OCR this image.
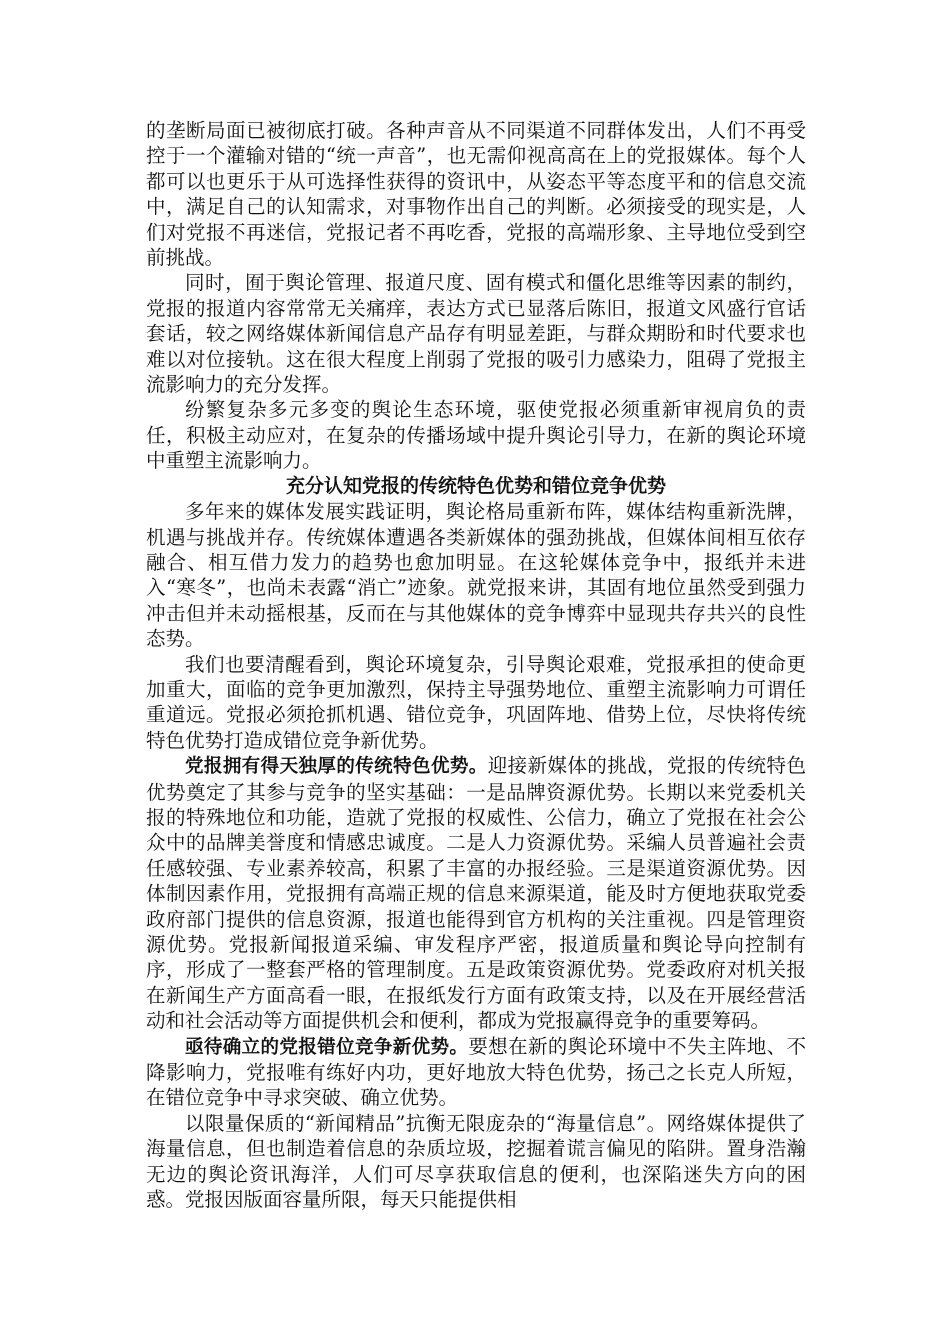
的垄断局面已被彻底打破。各种声音从不同渠道不同群体发出，人们不再受控于一个灌输对错的“统一声音”，也无需仰视高高在上的党报媒体。每个人都可以也更乐于从可选择性获得的资讯中，从姿态平等态度平和的信息交流中，满足自己的认知需求，对事物作出自己的判断。必须接受的现实是，人们对党报不再迷信，党报记者不再吃香，党报的高端形象、主导地位受到空前挑战。

同时，囿于舆论管理、报道尺度、固有模式和僵化思维等因素的制约，党报的报道内容常常无关痛痒，表达方式已显落后陈旧，报道文风盛行官话套话，较之网络媒体新闻信息产品存有明显差距，与群众期盼和时代要求也难以对位接轨。这在很大程度上削弱了党报的吸引力感染力，阻碍了党报主流影响力的充分发挥。

纷繁复杂多元多变的舆论生态环境，驱使党报必须重新审视肩负的责任，积极主动应对，在复杂的传播场域中提升舆论引导力，在新的舆论环境中重塑主流影响力。

充分认知党报的传统特色优势和错位竞争优势

多年来的媒体发展实践证明，舆论格局重新布阵，媒体结构重新洗牌，机遇与挑战并存。传统媒体遭遇各类新媒体的强劲挑战，但媒体间相互依存融合、相互借力发力的趋势也愈加明显。在这轮媒体竞争中，报纸并未进入“寒冬”，也尚未表露“消亡”迹象。就党报来讲，其固有地位虽然受到强力冲击但并未动摇根基，反而在与其他媒体的竞争博弈中显现共存共兴的良性态势。

我们也要清醒看到，舆论环境复杂，引导舆论艰难，党报承担的使命更加重大，面临的竞争更加激烈，保持主导强势地位、重塑主流影响力可谓任重道远。党报必须抢抓机遇、错位竞争，巩固阵地、借势上位，尽快将传统特色优势打造成错位竞争新优势。

党报拥有得天独厚的传统特色优势。迎接新媒体的挑战，党报的传统特色优势奠定了其参与竞争的坚实基础：一是品牌资源优势。长期以来党委机关报的特殊地位和功能，造就了党报的权威性、公信力，确立了党报在社会公众中的品牌美誉度和情感忠诚度。二是人力资源优势。采编人员普遍社会责任感较强、专业素养较高，积累了丰富的办报经验。三是渠道资源优势。因体制因素作用，党报拥有高端正规的信息来源渠道，能及时方便地获取党委政府部门提供的信息资源，报道也能得到官方机构的关注重视。四是管理资源优势。党报新闻报道采编、审发程序严密，报道质量和舆论导向控制有序，形成了一整套严格的管理制度。五是政策资源优势。党委政府对机关报在新闻生产方面高看一眼，在报纸发行方面有政策支持，以及在开展经营活动和社会活动等方面提供机会和便利，都成为党报赢得竞争的重要筹码。

亟待确立的党报错位竞争新优势。要想在新的舆论环境中不失主阵地、不降影响力，党报唯有练好内功，更好地放大特色优势，扬己之长克人所短，在错位竞争中寻求突破、确立优势。

以限量保质的“新闻精品”抗衡无限庞杂的“海量信息”。网络媒体提供了海量信息，但也制造着信息的杂质垃圾，挖掘着谎言偏见的陷阱。置身浩瀚无边的舆论资讯海洋，人们可尽享获取信息的便利，也深陷迷失方向的困惑。党报因版面容量所限，每天只能提供相
